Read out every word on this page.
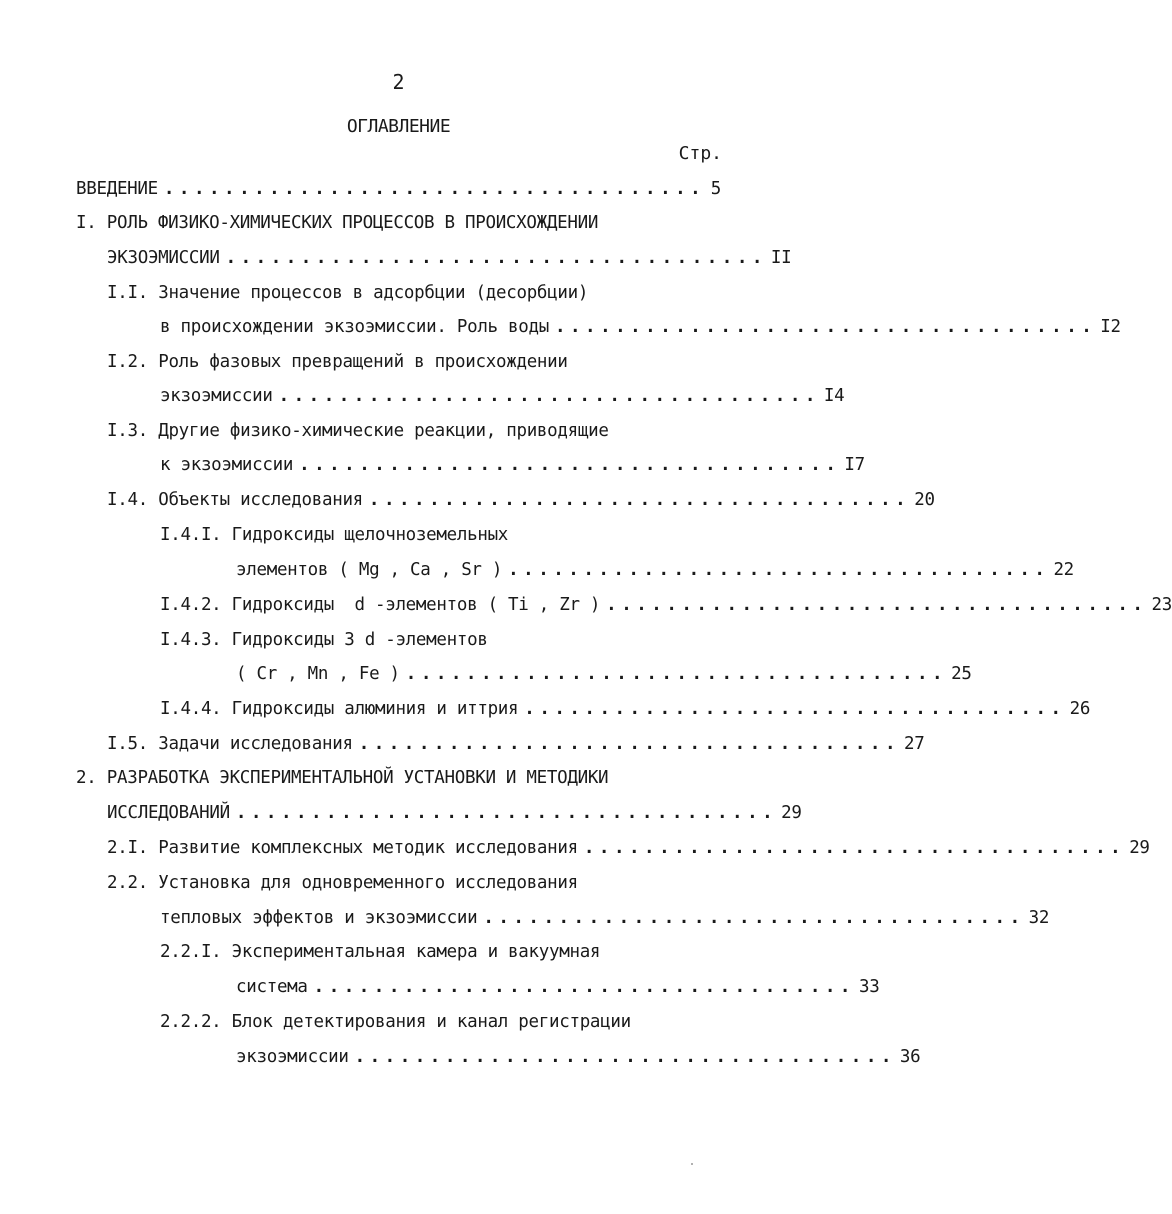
2
ОГЛАВЛЕНИЕ
Стр.
ВВЕДЕНИЕ .................................... 5
I.
РОЛЬ ФИЗИКО-ХИМИЧЕСКИХ ПРОЦЕССОВ В ПРОИСХОЖДЕНИИ
ЭКЗОЭМИССИИ .................................... II
I.I.
Значение процессов в адсорбции (десорбции)
в происхождении экзоэмиссии. Роль воды .................................... I2
I.2.
Роль фазовых превращений в происхождении
экзоэмиссии .................................... I4
I.3.
Другие физико-химические реакции, приводящие
к экзоэмиссии .................................... I7
I.4.
Объекты исследования .................................... 20
I.4.I.
Гидроксиды щелочноземельных
элементов ( Mg , Ca , Sr ) .................................... 22
I.4.2.
Гидроксиды  d -элементов ( Ti , Zr ) .................................... 23
I.4.3.
Гидроксиды 3 d -элементов
( Cr , Mn , Fe ) .................................... 25
I.4.4.
Гидроксиды алюминия и иттрия .................................... 26
I.5.
Задачи исследования .................................... 27
2.
РАЗРАБОТКА ЭКСПЕРИМЕНТАЛЬНОЙ УСТАНОВКИ И МЕТОДИКИ
ИССЛЕДОВАНИЙ .................................... 29
2.I.
Развитие комплексных методик исследования .................................... 29
2.2.
Установка для одновременного исследования
тепловых эффектов и экзоэмиссии .................................... 32
2.2.I.
Экспериментальная камера и вакуумная
система .................................... 33
2.2.2.
Блок детектирования и канал регистрации
экзоэмиссии .................................... 36
